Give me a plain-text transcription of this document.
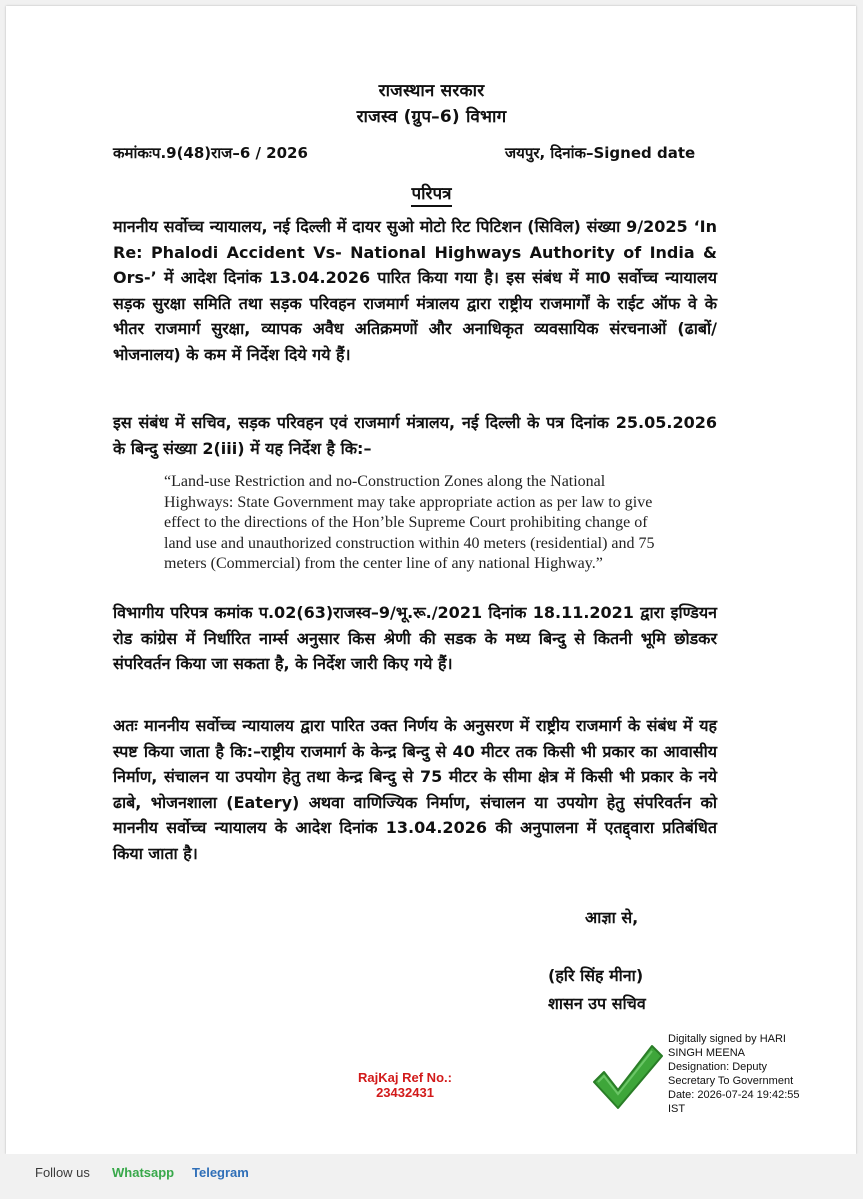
राजस्थान सरकार
राजस्व (ग्रुप–6) विभाग
कमांकःप.9(48)राज–6 / 2026	जयपुर, दिनांक–Signed date
परिपत्र

माननीय सर्वोच्च न्यायालय, नई दिल्ली में दायर सुओ मोटो रिट पिटिशन (सिविल) संख्या 9/2025 ‘In Re: Phalodi Accident Vs- National Highways Authority of India & Ors-’ में आदेश दिनांक 13.04.2026 पारित किया गया है। इस संबंध में मा0 सर्वोच्च न्यायालय सड़क सुरक्षा समिति तथा सड़क परिवहन राजमार्ग मंत्रालय द्वारा राष्ट्रीय राजमार्गों के राईट ऑफ वे के भीतर राजमार्ग सुरक्षा, व्यापक अवैध अतिक्रमणों और अनाधिकृत व्यवसायिक संरचनाओं (ढाबों/भोजनालय) के कम में निर्देश दिये गये हैं।

इस संबंध में सचिव, सड़क परिवहन एवं राजमार्ग मंत्रालय, नई दिल्ली के पत्र दिनांक 25.05.2026 के बिन्दु संख्या 2(iii) में यह निर्देश है कि:–

“Land-use Restriction and no-Construction Zones along the National Highways: State Government may take appropriate action as per law to give effect to the directions of the Hon’ble Supreme Court prohibiting change of land use and unauthorized construction within 40 meters (residential) and 75 meters (Commercial) from the center line of any national Highway.”

विभागीय परिपत्र कमांक प.02(63)राजस्व–9/भू.रू./2021 दिनांक 18.11.2021 द्वारा इण्डियन रोड कांग्रेस में निर्धारित नार्म्स अनुसार किस श्रेणी की सडक के मध्य बिन्दु से कितनी भूमि छोडकर संपरिवर्तन किया जा सकता है, के निर्देश जारी किए गये हैं।

अतः माननीय सर्वोच्च न्यायालय द्वारा पारित उक्त निर्णय के अनुसरण में राष्ट्रीय राजमार्ग के संबंध में यह स्पष्ट किया जाता है कि:–राष्ट्रीय राजमार्ग के केन्द्र बिन्दु से 40 मीटर तक किसी भी प्रकार का आवासीय निर्माण, संचालन या उपयोग हेतु तथा केन्द्र बिन्दु से 75 मीटर के सीमा क्षेत्र में किसी भी प्रकार के नये ढाबे, भोजनशाला (Eatery) अथवा वाणिज्यिक निर्माण, संचालन या उपयोग हेतु संपरिवर्तन को माननीय सर्वोच्च न्यायालय के आदेश दिनांक 13.04.2026 की अनुपालना में एतद्द्वारा प्रतिबंधित किया जाता है।

आज्ञा से,
(हरि सिंह मीना)
शासन उप सचिव
RajKaj Ref No.:
23432431
Digitally signed by HARI
SINGH MEENA
Designation: Deputy
Secretary To Government
Date: 2026-07-24 19:42:55
IST
Follow us Whatsapp Telegram
